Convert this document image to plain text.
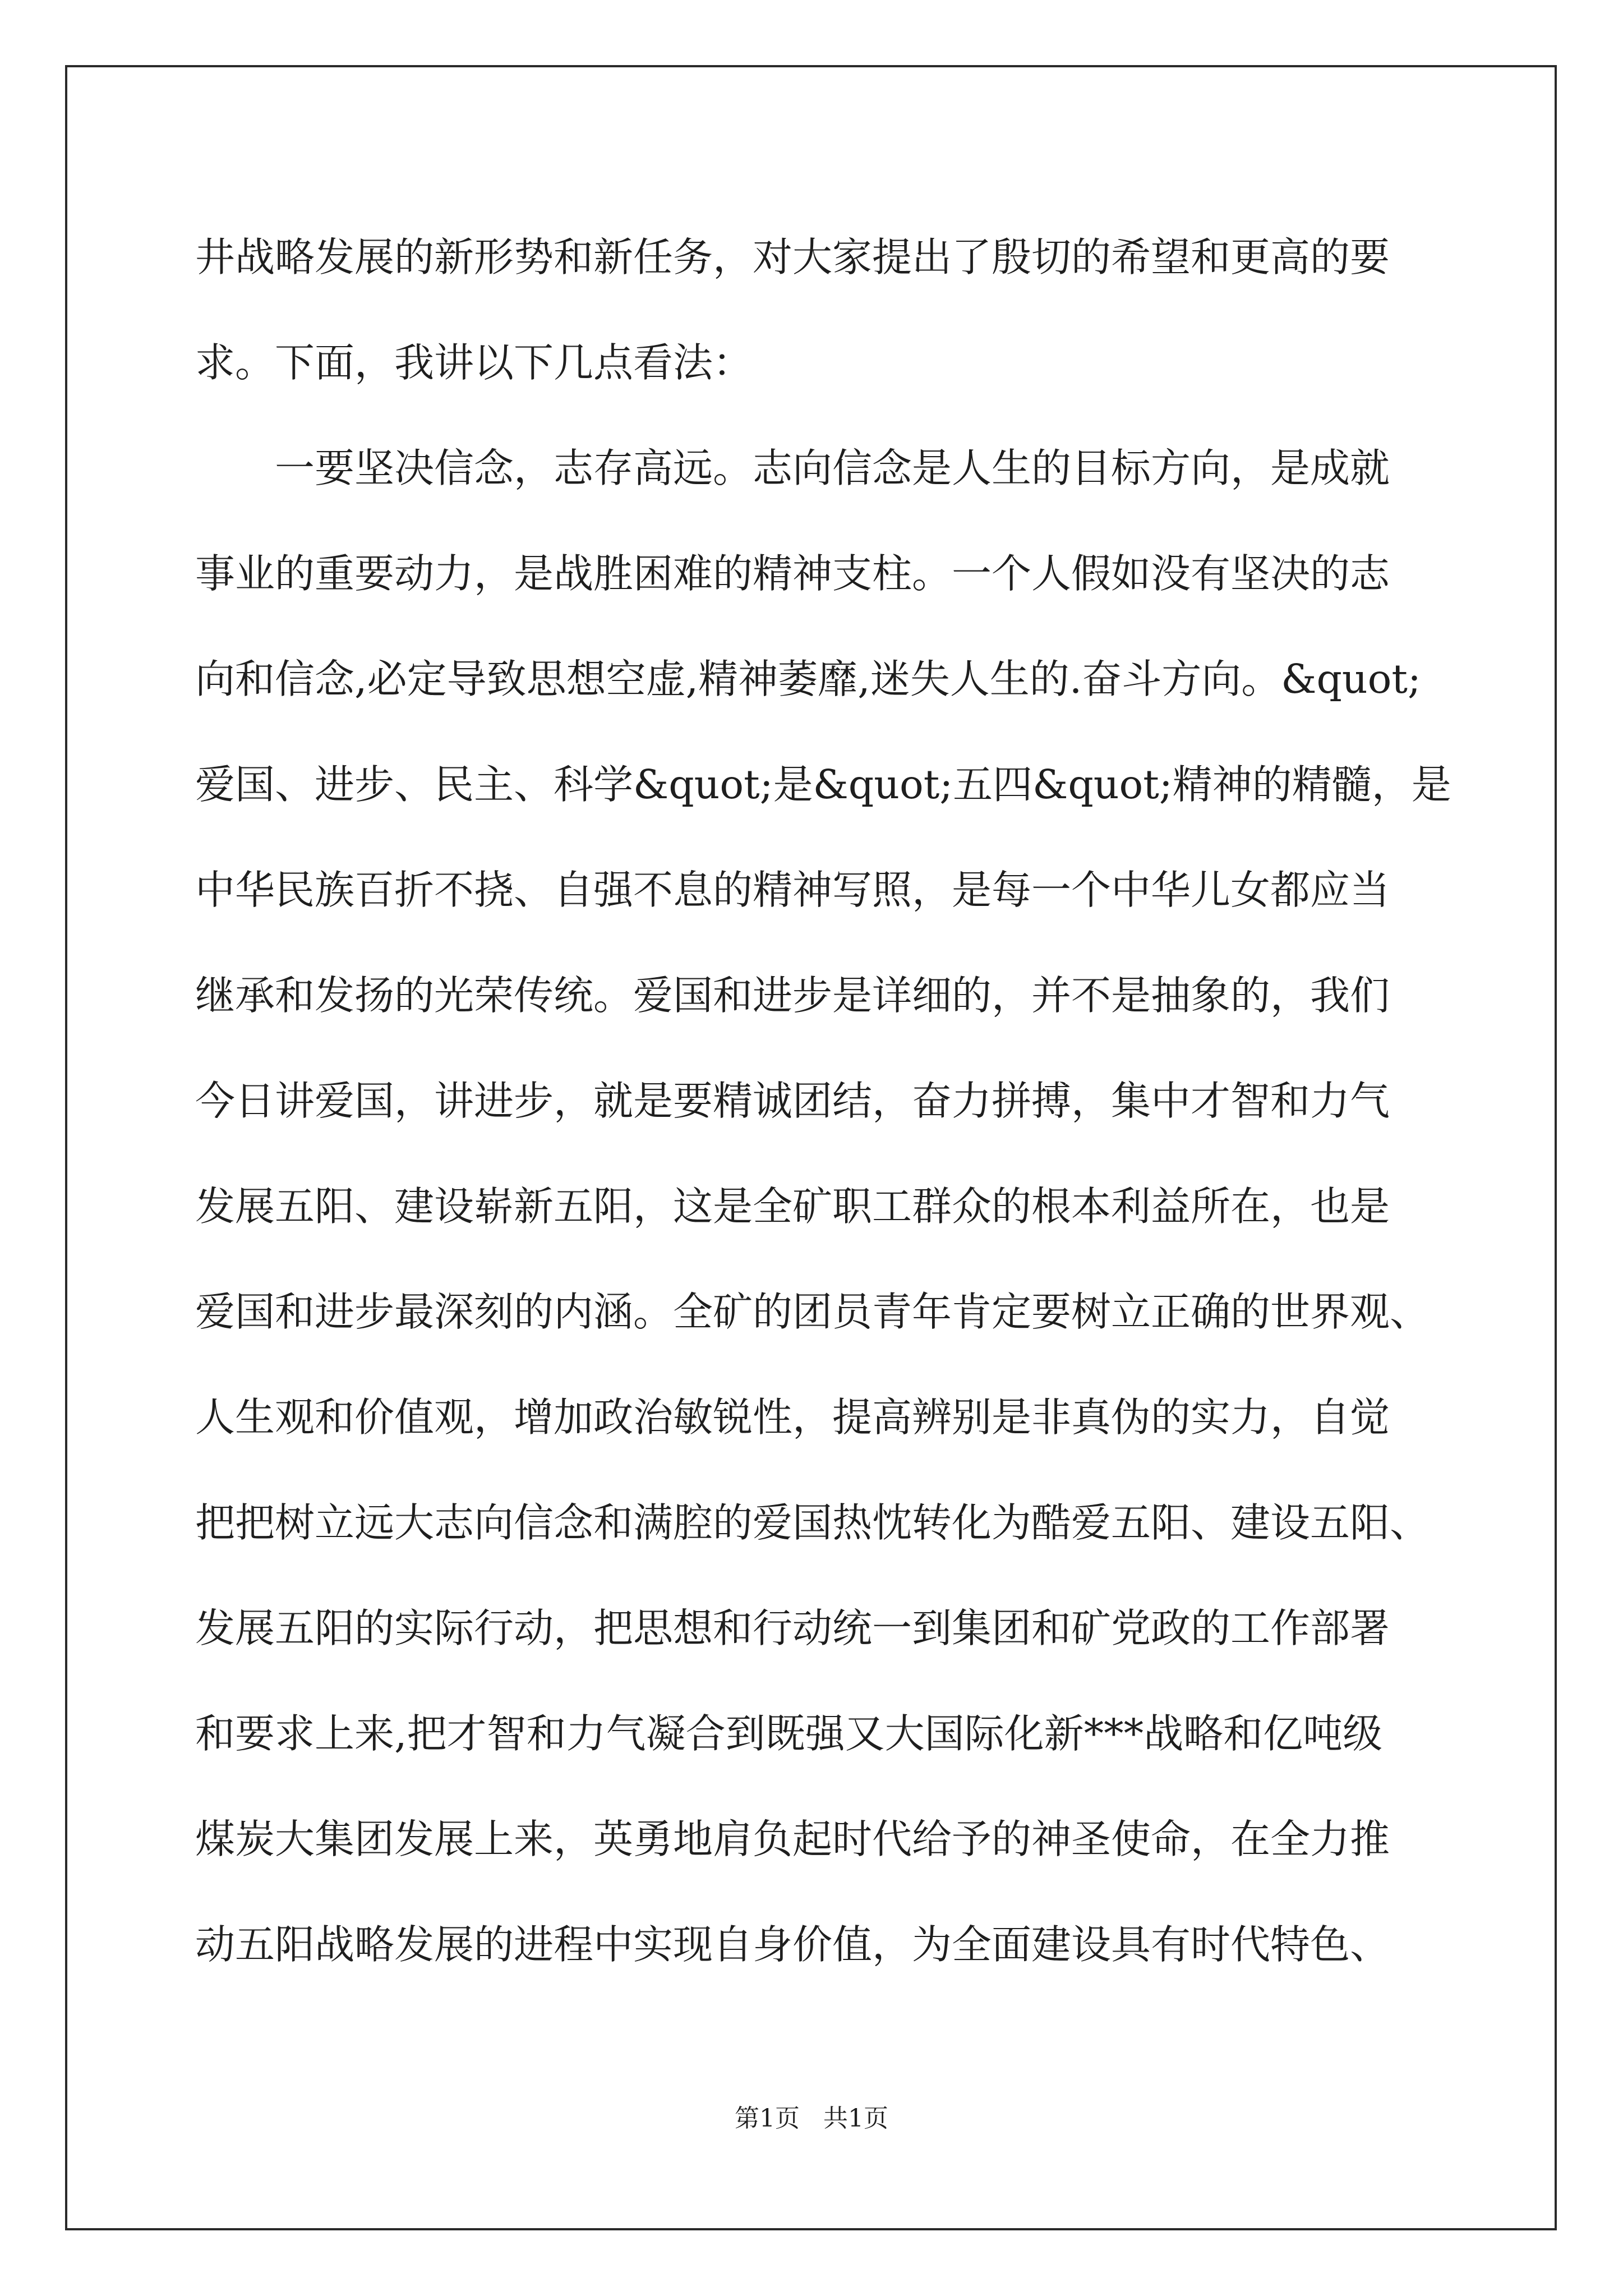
井战略发展的新形势和新任务，对大家提出了殷切的希望和更高的要
求。下面，我讲以下几点看法：
　　一要坚决信念，志存高远。志向信念是人生的目标方向，是成就
事业的重要动力，是战胜困难的精神支柱。一个人假如没有坚决的志
向和信念,必定导致思想空虚,精神萎靡,迷失人生的.奋斗方向。&quot;
爱国、进步、民主、科学&quot;是&quot;五四&quot;精神的精髓，是
中华民族百折不挠、自强不息的精神写照，是每一个中华儿女都应当
继承和发扬的光荣传统。爱国和进步是详细的，并不是抽象的，我们
今日讲爱国，讲进步，就是要精诚团结，奋力拼搏，集中才智和力气
发展五阳、建设崭新五阳，这是全矿职工群众的根本利益所在，也是
爱国和进步最深刻的内涵。全矿的团员青年肯定要树立正确的世界观、
人生观和价值观，增加政治敏锐性，提高辨别是非真伪的实力，自觉
把把树立远大志向信念和满腔的爱国热忱转化为酷爱五阳、建设五阳、
发展五阳的实际行动，把思想和行动统一到集团和矿党政的工作部署
和要求上来,把才智和力气凝合到既强又大国际化新***战略和亿吨级
煤炭大集团发展上来，英勇地肩负起时代给予的神圣使命，在全力推
动五阳战略发展的进程中实现自身价值，为全面建设具有时代特色、
第1页 共1页
